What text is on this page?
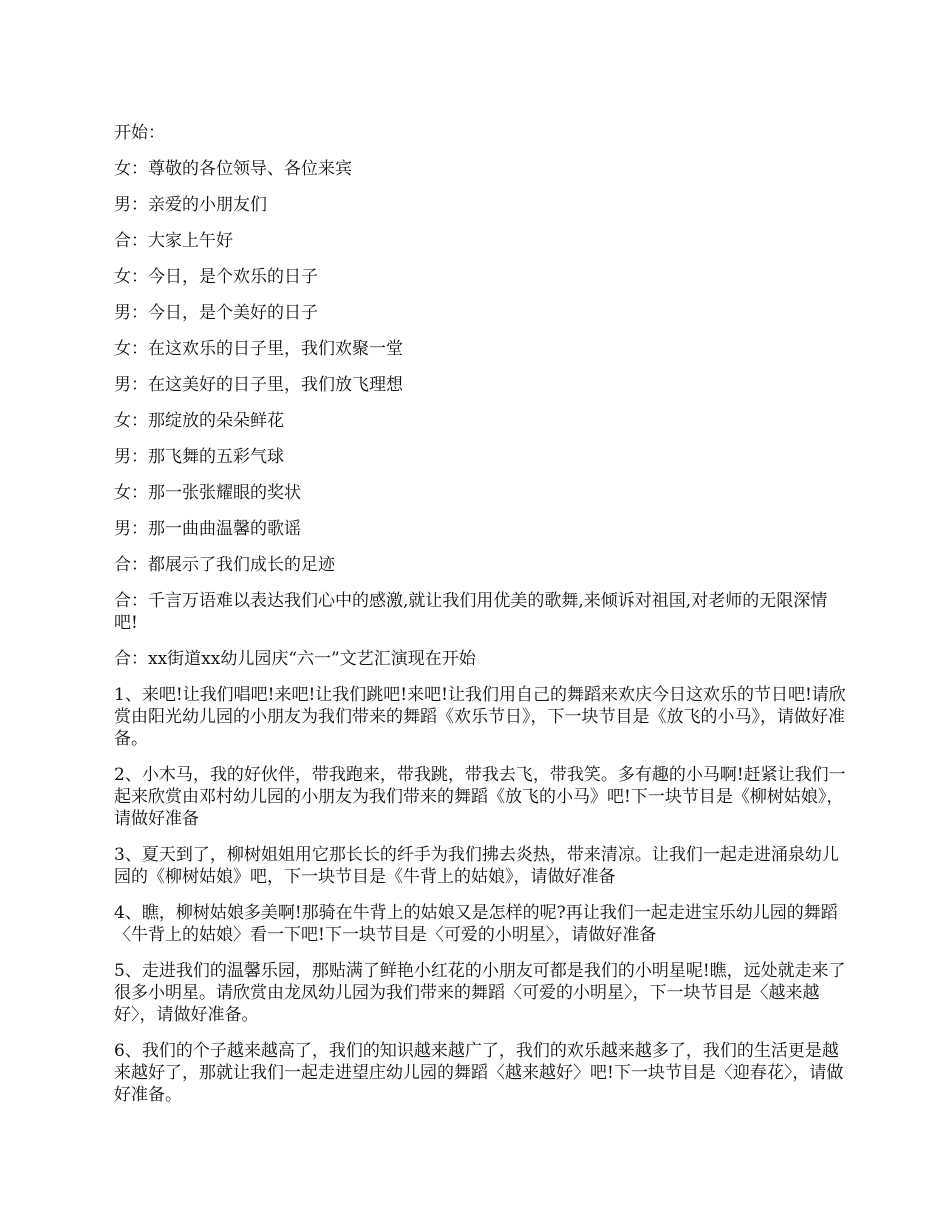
开始：

女：尊敬的各位领导、各位来宾

男：亲爱的小朋友们

合：大家上午好

女：今日，是个欢乐的日子

男：今日，是个美好的日子

女：在这欢乐的日子里，我们欢聚一堂

男：在这美好的日子里，我们放飞理想

女：那绽放的朵朵鲜花

男：那飞舞的五彩气球

女：那一张张耀眼的奖状

男：那一曲曲温馨的歌谣

合：都展示了我们成长的足迹

合：千言万语难以表达我们心中的感激,就让我们用优美的歌舞,来倾诉对祖国,对老师的无限深情吧!

合：xx街道xx幼儿园庆“六一”文艺汇演现在开始

1、来吧!让我们唱吧!来吧!让我们跳吧!来吧!让我们用自己的舞蹈来欢庆今日这欢乐的节日吧!请欣赏由阳光幼儿园的小朋友为我们带来的舞蹈《欢乐节日》，下一块节目是《放飞的小马》，请做好准备。

2、小木马，我的好伙伴，带我跑来，带我跳，带我去飞，带我笑。多有趣的小马啊!赶紧让我们一起来欣赏由邓村幼儿园的小朋友为我们带来的舞蹈《放飞的小马》吧!下一块节目是《柳树姑娘》，请做好准备

3、夏天到了，柳树姐姐用它那长长的纤手为我们拂去炎热，带来清凉。让我们一起走进涌泉幼儿园的《柳树姑娘》吧，下一块节目是《牛背上的姑娘》，请做好准备

4、瞧，柳树姑娘多美啊!那骑在牛背上的姑娘又是怎样的呢?再让我们一起走进宝乐幼儿园的舞蹈〈牛背上的姑娘〉看一下吧!下一块节目是〈可爱的小明星〉，请做好准备

5、走进我们的温馨乐园，那贴满了鲜艳小红花的小朋友可都是我们的小明星呢!瞧，远处就走来了很多小明星。请欣赏由龙凤幼儿园为我们带来的舞蹈〈可爱的小明星〉，下一块节目是〈越来越好〉，请做好准备。

6、我们的个子越来越高了，我们的知识越来越广了，我们的欢乐越来越多了，我们的生活更是越来越好了，那就让我们一起走进望庄幼儿园的舞蹈〈越来越好〉吧!下一块节目是〈迎春花〉，请做好准备。
